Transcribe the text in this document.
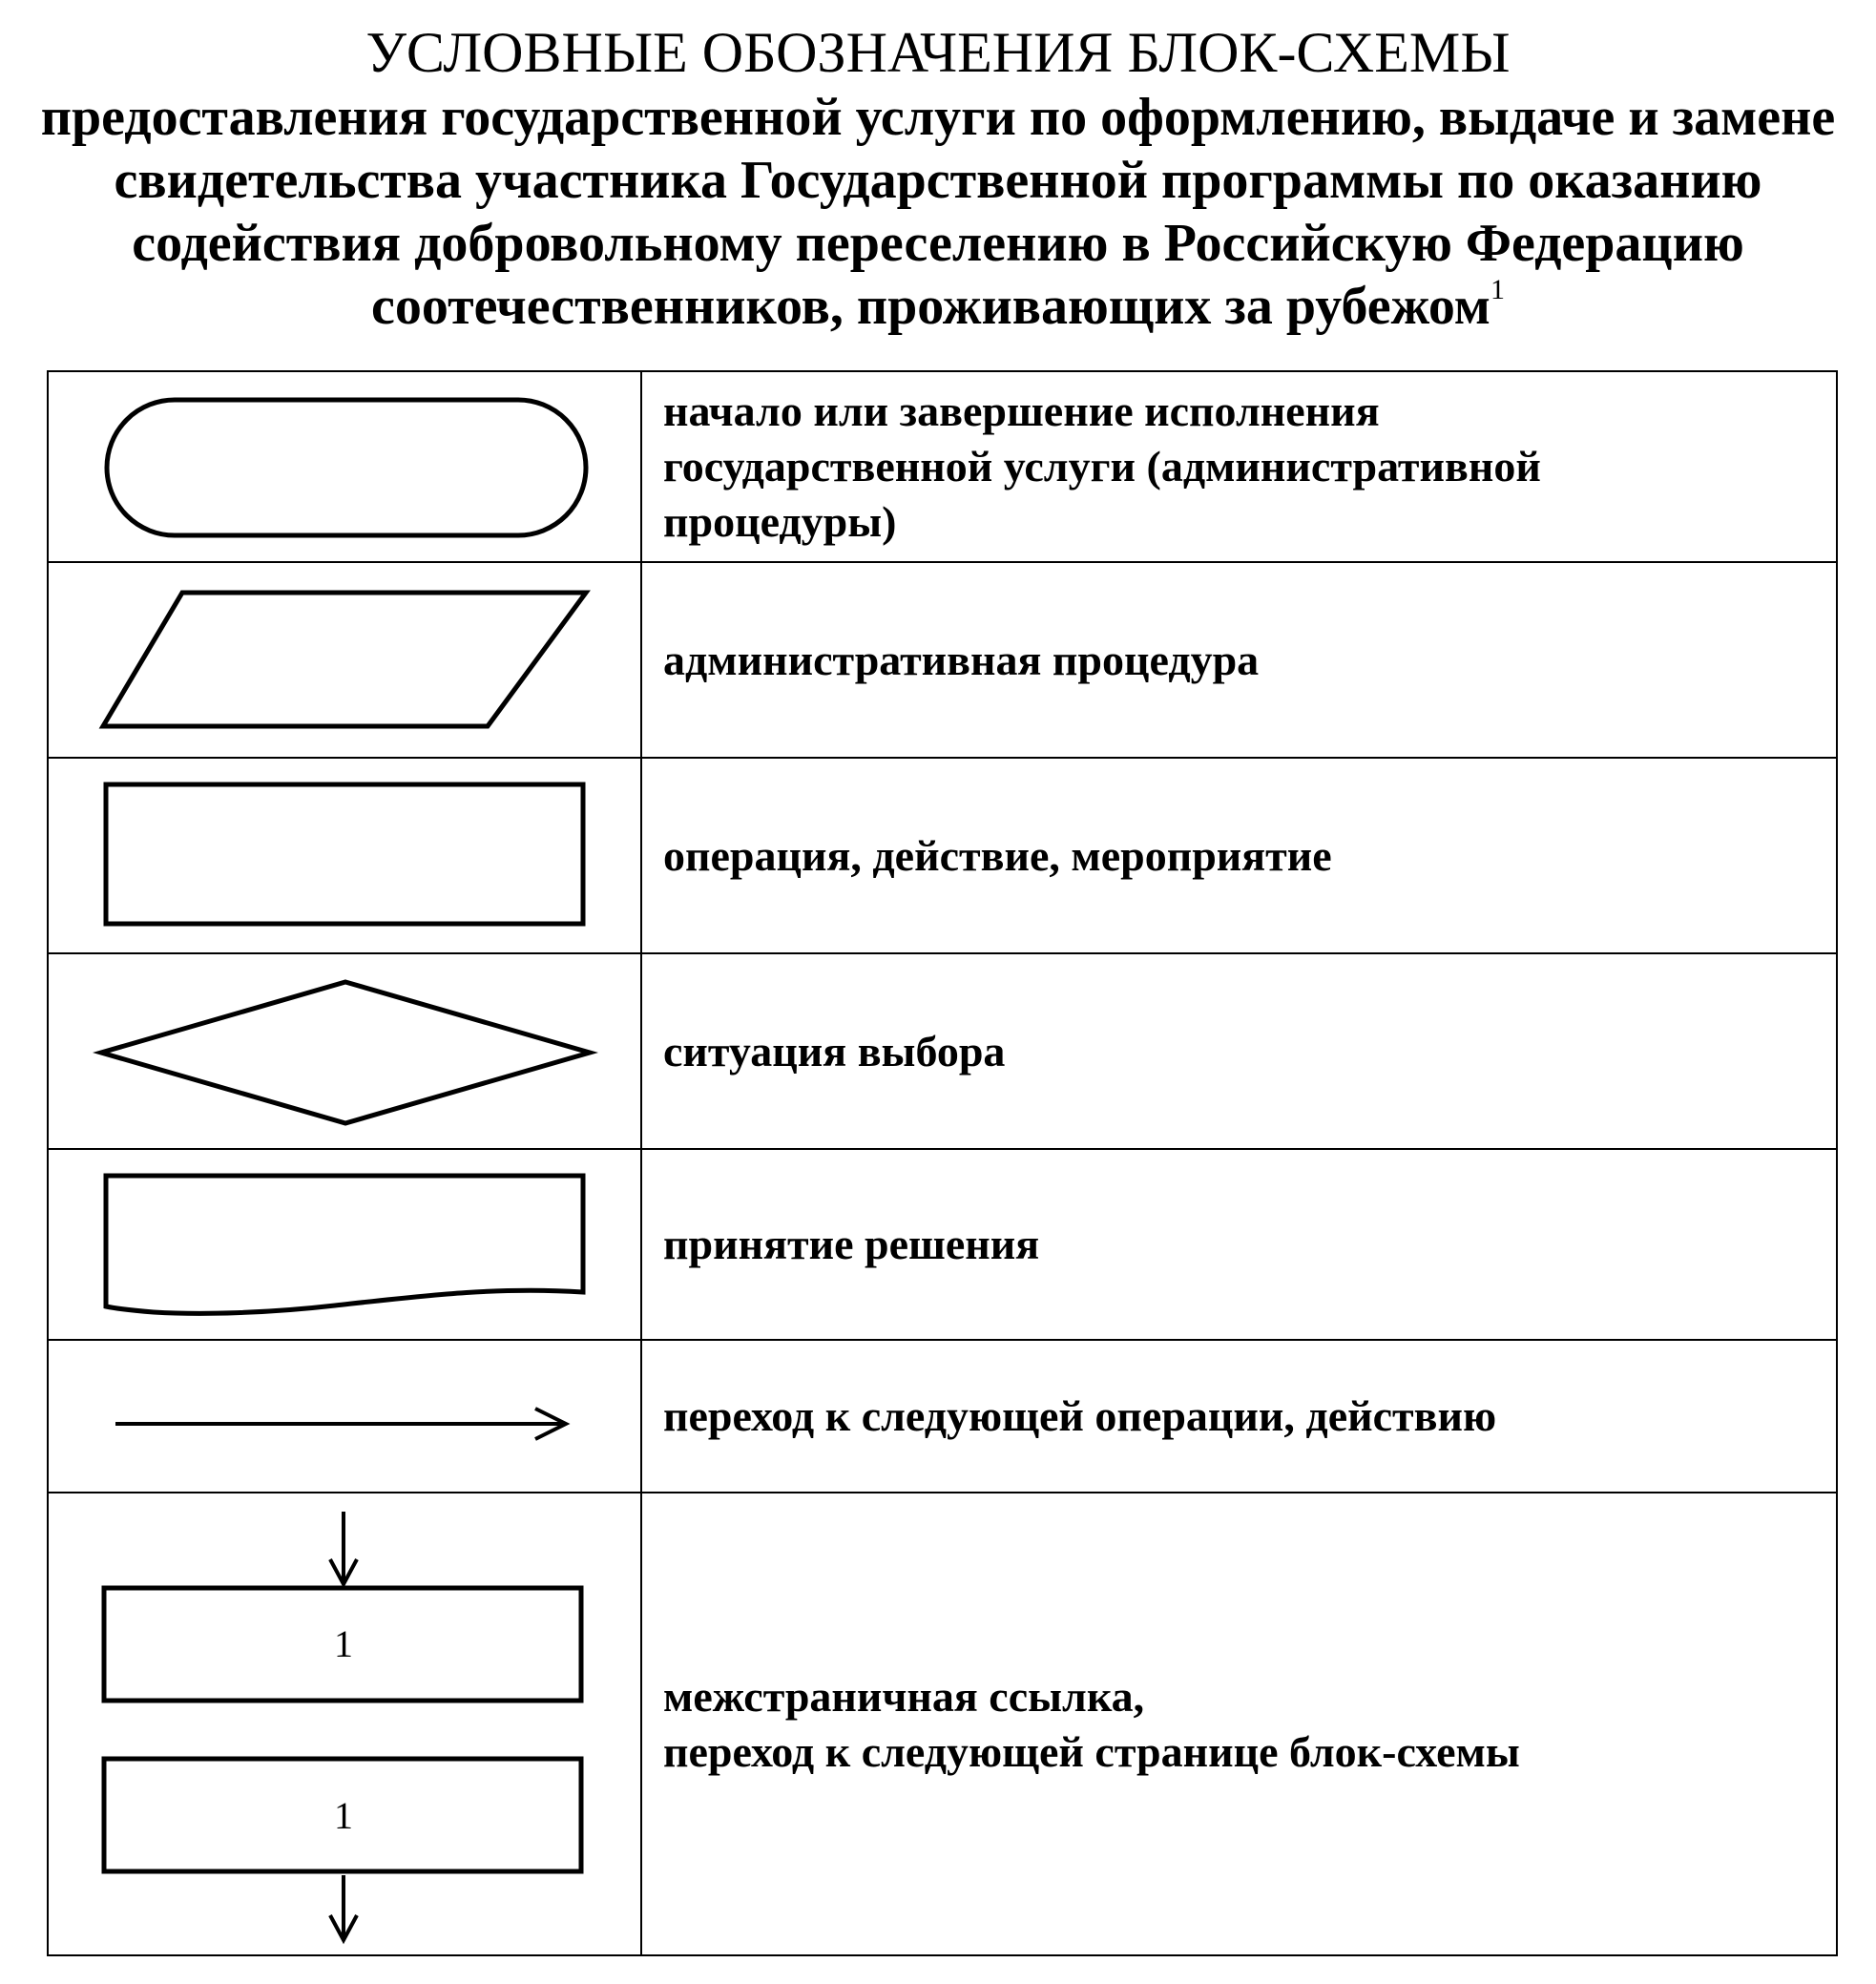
УСЛОВНЫЕ ОБОЗНАЧЕНИЯ БЛОК-СХЕМЫ
предоставления государственной услуги по оформлению, выдаче и замене
свидетельства участника Государственной программы по оказанию
содействия добровольному переселению в Российскую Федерацию
соотечественников, проживающих за рубежом$^1$

начало или завершение исполнения
государственной услуги (административной
процедуры)

административная процедура

операция, действие, мероприятие

ситуация выбора

принятие решения

переход к следующей операции, действию

1
1	межстраничная ссылка,
переход к следующей странице блок-схемы
